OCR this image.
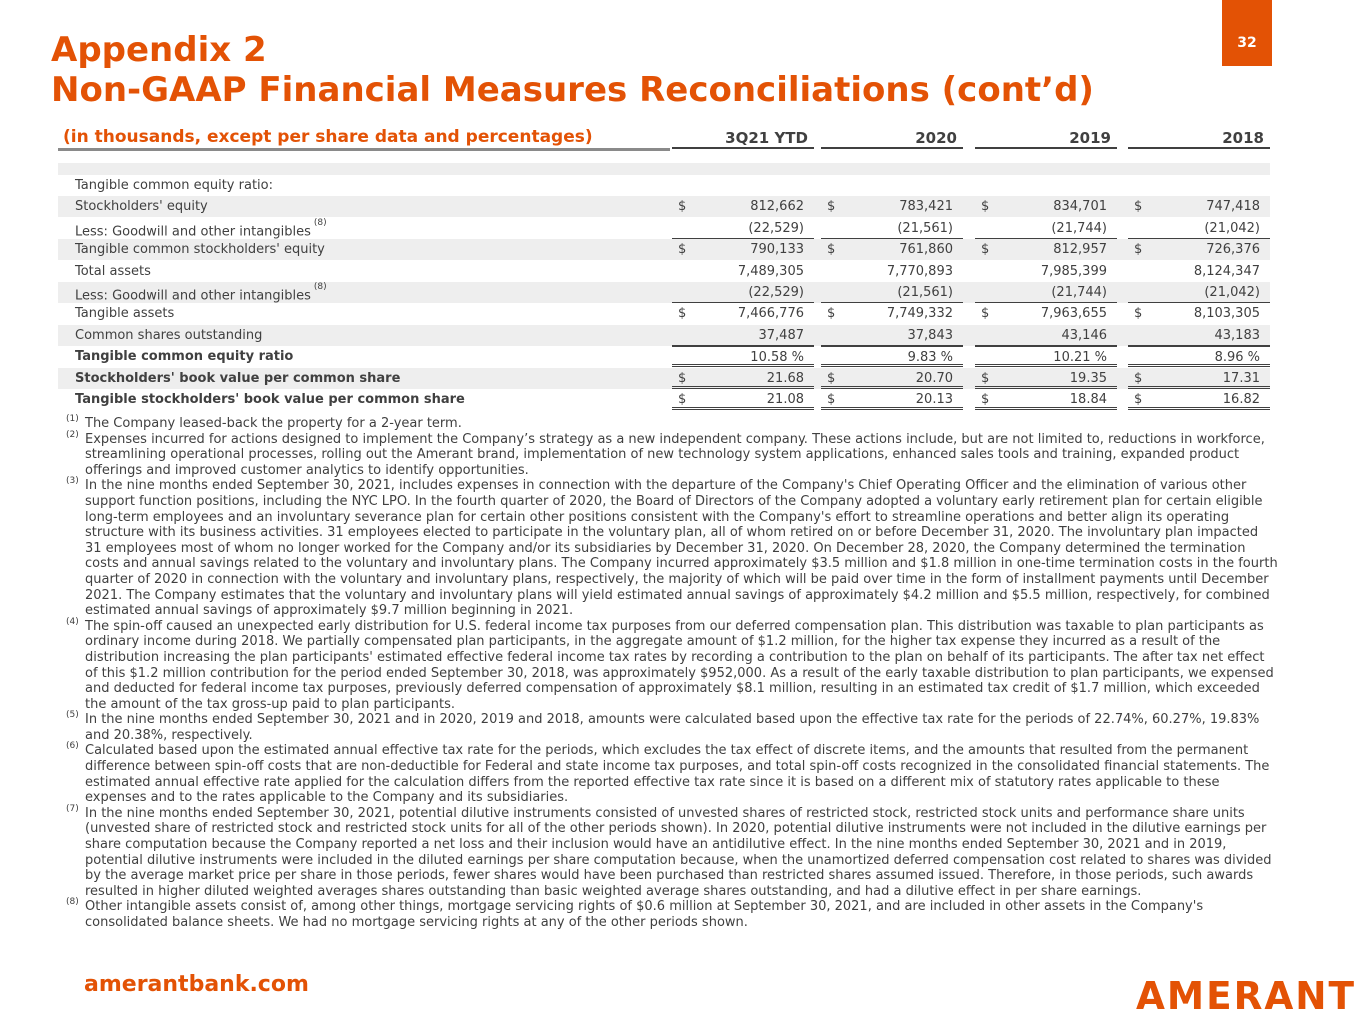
32
Appendix 2
Non-GAAP Financial Measures Reconciliations (cont’d)
(in thousands, except per share data and percentages)	3Q21 YTD	2020	2019	2018
Tangible common equity ratio:
Stockholders' equity	$	812,662 $	783,421 $	834,701 $	747,418
Less: Goodwill and other intangibles$^{(8)}$	(22,529)	(21,561)	(21,744)	(21,042)
Tangible common stockholders' equity	$	790,133 $	761,860 $	812,957 $	726,376
Total assets	7,489,305	7,770,893	7,985,399	8,124,347
Less: Goodwill and other intangibles$^{(8)}$	(22,529)	(21,561)	(21,744)	(21,042)
Tangible assets	$	7,466,776 $	7,749,332 $	7,963,655 $	8,103,305
Common shares outstanding	37,487	37,843	43,146	43,183
Tangible common equity ratio	10.58 %	9.83 %	10.21 %	8.96 %
Stockholders' book value per common share	$	21.68 $	20.70 $	19.35 $	17.31
Tangible stockholders' book value per common share	$	21.08 $	20.13 $	18.84 $	16.82
(1) The Company leased-back the property for a 2-year term.
(2) Expenses incurred for actions designed to implement the Company’s strategy as a new independent company. These actions include, but are not limited to, reductions in workforce, streamlining operational processes, rolling out the Amerant brand, implementation of new technology system applications, enhanced sales tools and training, expanded product offerings and improved customer analytics to identify opportunities.
(3) In the nine months ended September 30, 2021, includes expenses in connection with the departure of the Company's Chief Operating Officer and the elimination of various other support function positions, including the NYC LPO. In the fourth quarter of 2020, the Board of Directors of the Company adopted a voluntary early retirement plan for certain eligible long-term employees and an involuntary severance plan for certain other positions consistent with the Company's effort to streamline operations and better align its operating structure with its business activities. 31 employees elected to participate in the voluntary plan, all of whom retired on or before December 31, 2020. The involuntary plan impacted 31 employees most of whom no longer worked for the Company and/or its subsidiaries by December 31, 2020. On December 28, 2020, the Company determined the termination costs and annual savings related to the voluntary and involuntary plans. The Company incurred approximately $3.5 million and $1.8 million in one-time termination costs in the fourth quarter of 2020 in connection with the voluntary and involuntary plans, respectively, the majority of which will be paid over time in the form of installment payments until December 2021. The Company estimates that the voluntary and involuntary plans will yield estimated annual savings of approximately $4.2 million and $5.5 million, respectively, for combined estimated annual savings of approximately $9.7 million beginning in 2021.
(4) The spin-off caused an unexpected early distribution for U.S. federal income tax purposes from our deferred compensation plan. This distribution was taxable to plan participants as ordinary income during 2018. We partially compensated plan participants, in the aggregate amount of $1.2 million, for the higher tax expense they incurred as a result of the distribution increasing the plan participants' estimated effective federal income tax rates by recording a contribution to the plan on behalf of its participants. The after tax net effect of this $1.2 million contribution for the period ended September 30, 2018, was approximately $952,000. As a result of the early taxable distribution to plan participants, we expensed and deducted for federal income tax purposes, previously deferred compensation of approximately $8.1 million, resulting in an estimated tax credit of $1.7 million, which exceeded the amount of the tax gross-up paid to plan participants.
(5) In the nine months ended September 30, 2021 and in 2020, 2019 and 2018, amounts were calculated based upon the effective tax rate for the periods of 22.74%, 60.27%, 19.83% and 20.38%, respectively.
(6) Calculated based upon the estimated annual effective tax rate for the periods, which excludes the tax effect of discrete items, and the amounts that resulted from the permanent difference between spin-off costs that are non-deductible for Federal and state income tax purposes, and total spin-off costs recognized in the consolidated financial statements. The estimated annual effective rate applied for the calculation differs from the reported effective tax rate since it is based on a different mix of statutory rates applicable to these expenses and to the rates applicable to the Company and its subsidiaries.
(7) In the nine months ended September 30, 2021, potential dilutive instruments consisted of unvested shares of restricted stock, restricted stock units and performance share units (unvested share of restricted stock and restricted stock units for all of the other periods shown). In 2020, potential dilutive instruments were not included in the dilutive earnings per share computation because the Company reported a net loss and their inclusion would have an antidilutive effect. In the nine months ended September 30, 2021 and in 2019, potential dilutive instruments were included in the diluted earnings per share computation because, when the unamortized deferred compensation cost related to shares was divided by the average market price per share in those periods, fewer shares would have been purchased than restricted shares assumed issued. Therefore, in those periods, such awards resulted in higher diluted weighted averages shares outstanding than basic weighted average shares outstanding, and had a dilutive effect in per share earnings.
(8) Other intangible assets consist of, among other things, mortgage servicing rights of $0.6 million at September 30, 2021, and are included in other assets in the Company's consolidated balance sheets. We had no mortgage servicing rights at any of the other periods shown.
amerantbank.com	AMERANT
